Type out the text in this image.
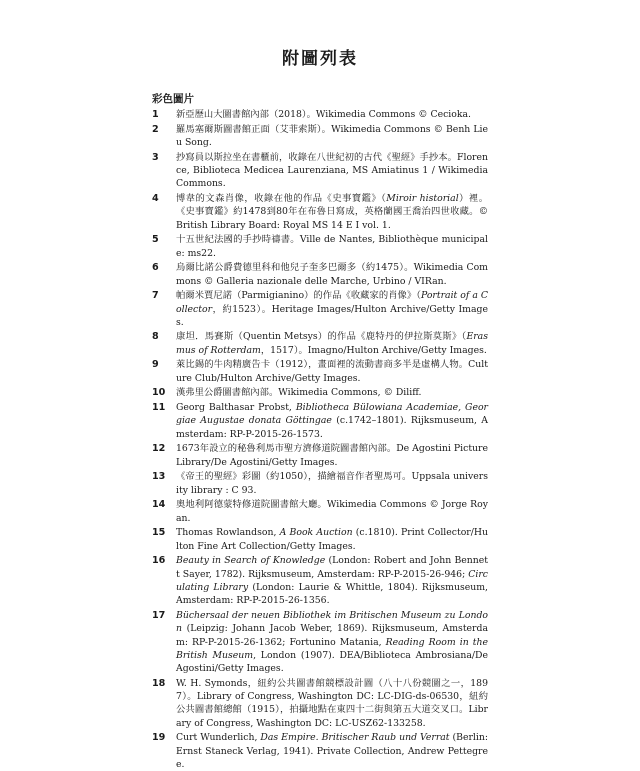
附圖列表
彩色圖片
1	新亞歷山大圖書館內部（2018）。Wikimedia Commons © Cecioka.
2	羅馬塞爾斯圖書館正面（艾菲索斯）。Wikimedia Commons © Benh Lieu Song.
3	抄寫員以斯拉坐在書櫃前，收錄在八世紀初的古代《聖經》手抄本。Florence, Biblioteca Medicea Laurenziana, MS Amiatinus 1 / Wikimedia Commons.
4	博韋的文森肖像，收錄在他的作品《史事寶鑑》（Miroir historial）裡。《史事寶鑑》約1478到80年在布魯日寫成，英格蘭國王喬治四世收藏。© British Library Board: Royal MS 14 E I vol. 1.
5	十五世紀法國的手抄時禱書。Ville de Nantes, Bibliothèque municipale: ms22.
6	烏爾比諾公爵費德里科和他兒子奎多巴爾多（約1475）。Wikimedia Commons © Galleria nazionale delle Marche, Urbino / VIRan.
7	帕爾米賈尼諾（Parmigianino）的作品《收藏家的肖像》（Portrait of a Collector，約1523）。Heritage Images/Hulton Archive/Getty Images.
8	康坦．馬賽斯（Quentin Metsys）的作品《鹿特丹的伊拉斯莫斯》（Erasmus of Rotterdam，1517）。Imagno/Hulton Archive/Getty Images.
9	萊比錫的牛肉精廣告卡（1912），畫面裡的流動書商多半是虛構人物。Culture Club/Hulton Archive/Getty Images.
10	漢弗里公爵圖書館內部。Wikimedia Commons, © Diliff.
11	Georg Balthasar Probst, Bibliotheca Bülowiana Academiae, Georgiae Augustae donata Göttingae (c.1742–1801). Rijksmuseum, Amsterdam: RP-P-2015-26-1573.
12	1673年設立的秘魯利馬市聖方濟修道院圖書館內部。De Agostini Picture Library/De Agostini/Getty Images.
13	《帝王的聖經》彩圖（約1050），描繪福音作者聖馬可。Uppsala university library : C 93.
14	奧地利阿德蒙特修道院圖書館大廳。Wikimedia Commons © Jorge Royan.
15	Thomas Rowlandson, A Book Auction (c.1810). Print Collector/Hulton Fine Art Collection/Getty Images.
16	Beauty in Search of Knowledge (London: Robert and John Bennett Sayer, 1782). Rijksmuseum, Amsterdam: RP-P-2015-26-946; Circulating Library (London: Laurie & Whittle, 1804). Rijksmuseum, Amsterdam: RP-P-2015-26-1356.
17	Büchersaal der neuen Bibliothek im Britischen Museum zu London (Leipzig: Johann Jacob Weber, 1869). Rijksmuseum, Amsterdam: RP-P-2015-26-1362; Fortunino Matania, Reading Room in the British Museum, London (1907). DEA/Biblioteca Ambrosiana/De Agostini/Getty Images.
18	W. H. Symonds，紐約公共圖書館競標設計圖（八十八份競圖之一，1897）。Library of Congress, Washington DC: LC-DIG-ds-06530，紐約公共圖書館總館（1915），拍攝地點在東四十二街與第五大道交叉口。Library of Congress, Washington DC: LC-USZ62-133258.
19	Curt Wunderlich, Das Empire. Britischer Raub und Verrat (Berlin: Ernst Staneck Verlag, 1941). Private Collection, Andrew Pettegree.
